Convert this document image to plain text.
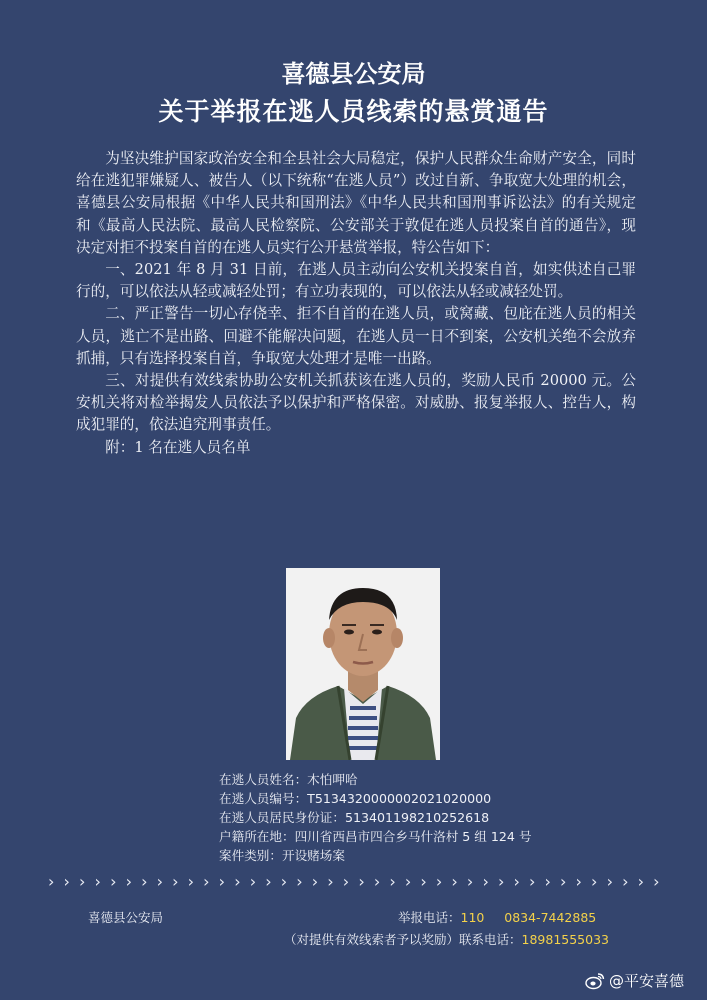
喜德县公安局
关于举报在逃人员线索的悬赏通告

为坚决维护国家政治安全和全县社会大局稳定，保护人民群众生命财产安全，同时给在逃犯罪嫌疑人、被告人（以下统称“在逃人员”）改过自新、争取宽大处理的机会，喜德县公安局根据《中华人民共和国刑法》《中华人民共和国刑事诉讼法》的有关规定和《最高人民法院、最高人民检察院、公安部关于敦促在逃人员投案自首的通告》，现决定对拒不投案自首的在逃人员实行公开悬赏举报，特公告如下：

一、2021 年 8 月 31 日前，在逃人员主动向公安机关投案自首，如实供述自己罪行的，可以依法从轻或减轻处罚；有立功表现的，可以依法从轻或减轻处罚。

二、严正警告一切心存侥幸、拒不自首的在逃人员，或窝藏、包庇在逃人员的相关人员，逃亡不是出路、回避不能解决问题，在逃人员一日不到案，公安机关绝不会放弃抓捕，只有选择投案自首，争取宽大处理才是唯一出路。

三、对提供有效线索协助公安机关抓获该在逃人员的，奖励人民币 20000 元。公安机关将对检举揭发人员依法予以保护和严格保密。对威胁、报复举报人、控告人，构成犯罪的，依法追究刑事责任。

附：1 名在逃人员名单

在逃人员姓名：木怕呷哈
在逃人员编号：T5134320000002021020000
在逃人员居民身份证：513401198210252618
户籍所在地：四川省西昌市四合乡马什洛村 5 组 124 号
案件类别：开设赌场案
› › › › › › › › › › › › › › › › › › › › › › › › › › › › › › › › › › › › › › › ›
喜德县公安局	举报电话：110 0834-7442885
（对提供有效线索者予以奖励）联系电话：18981555033
@平安喜德
